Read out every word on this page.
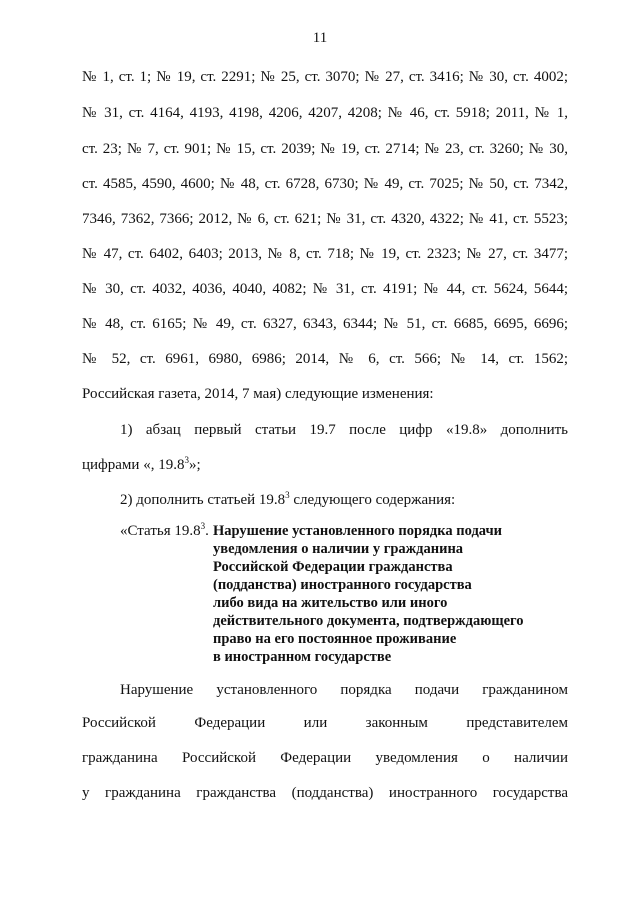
11
№ 1, ст. 1; № 19, ст. 2291; № 25, ст. 3070; № 27, ст. 3416; № 30, ст. 4002;
№ 31, ст. 4164, 4193, 4198, 4206, 4207, 4208; № 46, ст. 5918; 2011, № 1,
ст. 23; № 7, ст. 901; № 15, ст. 2039; № 19, ст. 2714; № 23, ст. 3260; № 30,
ст. 4585, 4590, 4600; № 48, ст. 6728, 6730; № 49, ст. 7025; № 50, ст. 7342,
7346, 7362, 7366; 2012, № 6, ст. 621; № 31, ст. 4320, 4322; № 41, ст. 5523;
№ 47, ст. 6402, 6403; 2013, № 8, ст. 718; № 19, ст. 2323; № 27, ст. 3477;
№ 30, ст. 4032, 4036, 4040, 4082; № 31, ст. 4191; № 44, ст. 5624, 5644;
№ 48, ст. 6165; № 49, ст. 6327, 6343, 6344; № 51, ст. 6685, 6695, 6696;
№ 52, ст. 6961, 6980, 6986; 2014, № 6, ст. 566; № 14, ст. 1562;
Российская газета, 2014, 7 мая) следующие изменения:
1) абзац первый статьи 19.7 после цифр «19.8» дополнить
цифрами «, 19.8$^3$»;
2) дополнить статьей 19.8$^3$ следующего содержания:
«Статья 19.8$^3$. Нарушение установленного порядка подачи
уведомления о наличии у гражданина
Российской Федерации гражданства
(подданства) иностранного государства
либо вида на жительство или иного
действительного документа, подтверждающего
право на его постоянное проживание
в иностранном государстве
Нарушение установленного порядка подачи гражданином
Российской Федерации или законным представителем
гражданина Российской Федерации уведомления о наличии
у гражданина гражданства (подданства) иностранного государства
